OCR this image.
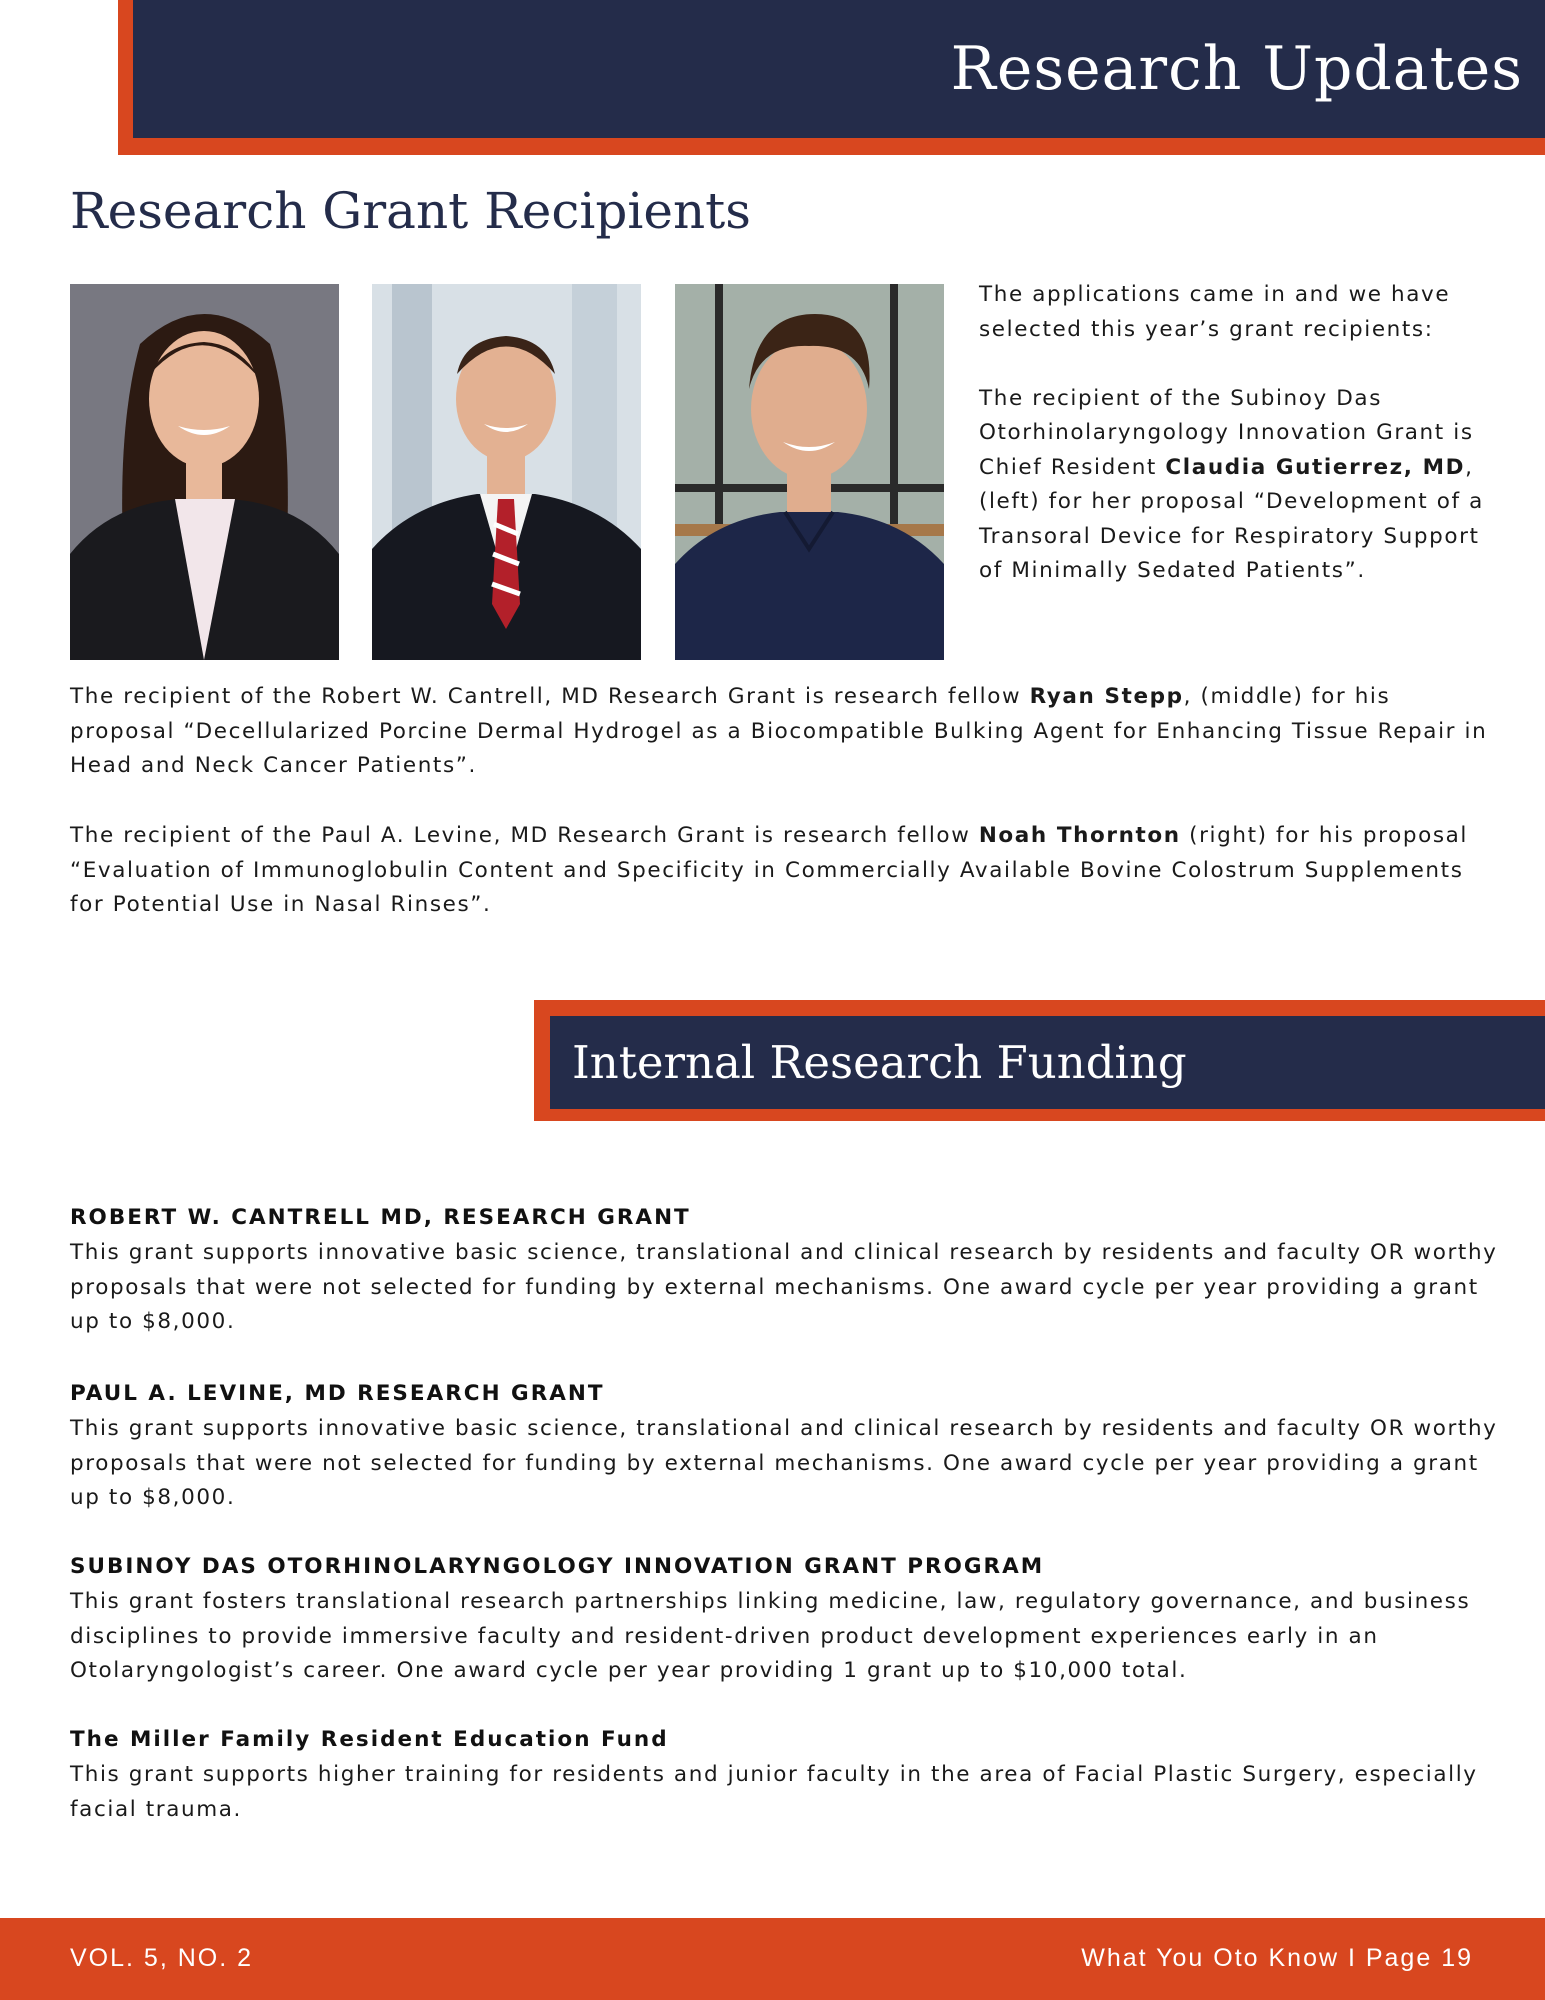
Research Updates
Research Grant Recipients

The applications came in and we have selected this year’s grant recipients:

The recipient of the Subinoy Das Otorhinolaryngology Innovation Grant is Chief Resident Claudia Gutierrez, MD, (left) for her proposal “Development of a Transoral Device for Respiratory Support of Minimally Sedated Patients”.

The recipient of the Robert W. Cantrell, MD Research Grant is research fellow Ryan Stepp, (middle) for his proposal “Decellularized Porcine Dermal Hydrogel as a Biocompatible Bulking Agent for Enhancing Tissue Repair in Head and Neck Cancer Patients”.

The recipient of the Paul A. Levine, MD Research Grant is research fellow Noah Thornton (right) for his proposal “Evaluation of Immunoglobulin Content and Specificity in Commercially Available Bovine Colostrum Supplements for Potential Use in Nasal Rinses”.

Internal Research Funding
ROBERT W. CANTRELL MD, RESEARCH GRANT

This grant supports innovative basic science, translational and clinical research by residents and faculty OR worthy proposals that were not selected for funding by external mechanisms. One award cycle per year providing a grant up to $8,000.

PAUL A. LEVINE, MD RESEARCH GRANT

This grant supports innovative basic science, translational and clinical research by residents and faculty OR worthy proposals that were not selected for funding by external mechanisms. One award cycle per year providing a grant up to $8,000.

SUBINOY DAS OTORHINOLARYNGOLOGY INNOVATION GRANT PROGRAM

This grant fosters translational research partnerships linking medicine, law, regulatory governance, and business disciplines to provide immersive faculty and resident-driven product development experiences early in an Otolaryngologist’s career. One award cycle per year providing 1 grant up to $10,000 total.

The Miller Family Resident Education Fund

This grant supports higher training for residents and junior faculty in the area of Facial Plastic Surgery, especially facial trauma.

VOL. 5, NO. 2	What You Oto Know I Page 19
